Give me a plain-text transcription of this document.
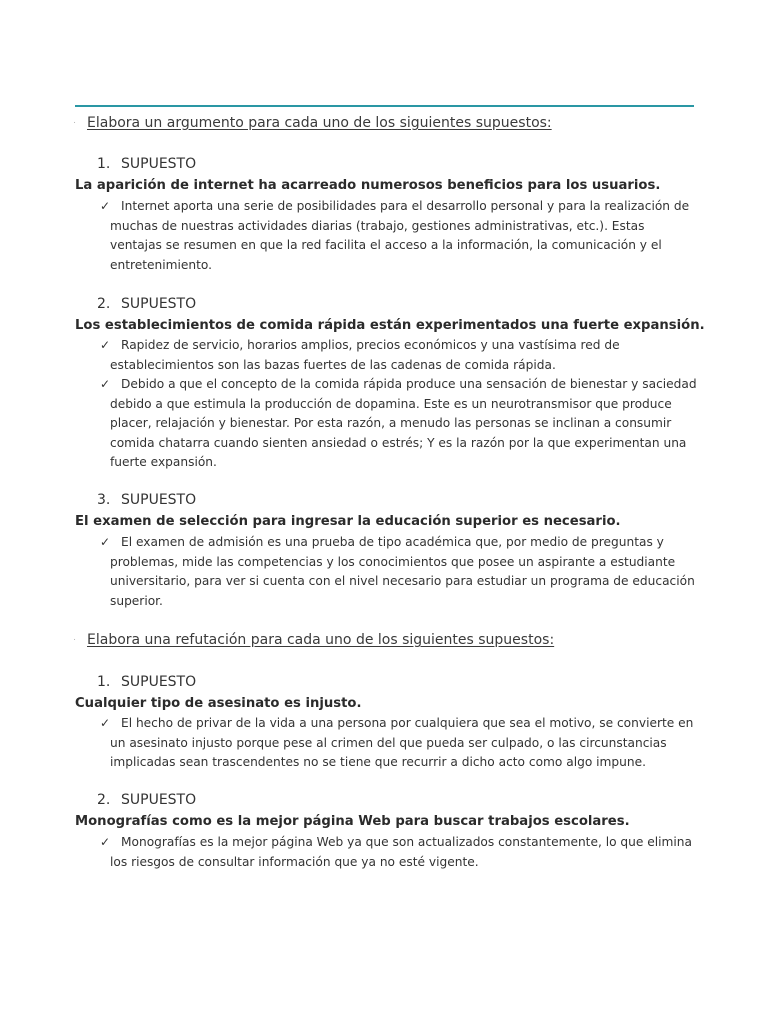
· Elabora un argumento para cada uno de los siguientes supuestos:
1. SUPUESTO
La aparición de internet ha acarreado numerosos beneficios para los usuarios.
✓ Internet aporta una serie de posibilidades para el desarrollo personal y para la realización de muchas de nuestras actividades diarias (trabajo, gestiones administrativas, etc.). Estas ventajas se resumen en que la red facilita el acceso a la información, la comunicación y el entretenimiento.
2. SUPUESTO
Los establecimientos de comida rápida están experimentados una fuerte expansión.
✓ Rapidez de servicio, horarios amplios, precios económicos y una vastísima red de establecimientos son las bazas fuertes de las cadenas de comida rápida.
✓ Debido a que el concepto de la comida rápida produce una sensación de bienestar y saciedad debido a que estimula la producción de dopamina. Este es un neurotransmisor que produce placer, relajación y bienestar. Por esta razón, a menudo las personas se inclinan a consumir comida chatarra cuando sienten ansiedad o estrés; Y es la razón por la que experimentan una fuerte expansión.
3. SUPUESTO
El examen de selección para ingresar la educación superior es necesario.
✓ El examen de admisión es una prueba de tipo académica que, por medio de preguntas y problemas, mide las competencias y los conocimientos que posee un aspirante a estudiante universitario, para ver si cuenta con el nivel necesario para estudiar un programa de educación superior.
· Elabora una refutación para cada uno de los siguientes supuestos:
1. SUPUESTO
Cualquier tipo de asesinato es injusto.
✓ El hecho de privar de la vida a una persona por cualquiera que sea el motivo, se convierte en un asesinato injusto porque pese al crimen del que pueda ser culpado, o las circunstancias implicadas sean trascendentes no se tiene que recurrir a dicho acto como algo impune.
2. SUPUESTO
Monografías como es la mejor página Web para buscar trabajos escolares.
✓ Monografías es la mejor página Web ya que son actualizados constantemente, lo que elimina los riesgos de consultar información que ya no esté vigente.
